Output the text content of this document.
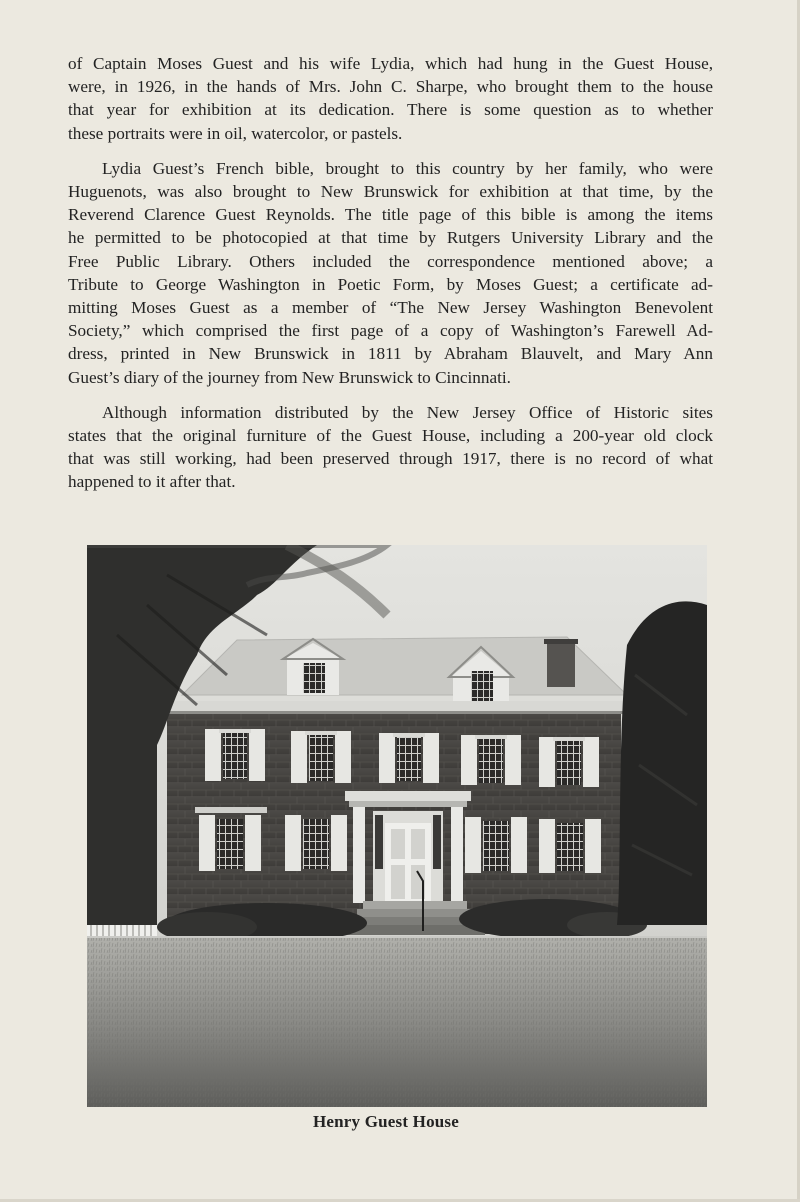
of Captain Moses Guest and his wife Lydia, which had hung in the Guest House,
were, in 1926, in the hands of Mrs. John C. Sharpe, who brought them to the house
that year for exhibition at its dedication. There is some question as to whether
these portraits were in oil, watercolor, or pastels.

Lydia Guest’s French bible, brought to this country by her family, who were
Huguenots, was also brought to New Brunswick for exhibition at that time, by the
Reverend Clarence Guest Reynolds. The title page of this bible is among the items
he permitted to be photocopied at that time by Rutgers University Library and the
Free Public Library. Others included the correspondence mentioned above; a
Tribute to George Washington in Poetic Form, by Moses Guest; a certificate ad-
mitting Moses Guest as a member of “The New Jersey Washington Benevolent
Society,” which comprised the first page of a copy of Washington’s Farewell Ad-
dress, printed in New Brunswick in 1811 by Abraham Blauvelt, and Mary Ann
Guest’s diary of the journey from New Brunswick to Cincinnati.

Although information distributed by the New Jersey Office of Historic sites
states that the original furniture of the Guest House, including a 200-year old clock
that was still working, had been preserved through 1917, there is no record of what
happened to it after that.

Henry Guest House
